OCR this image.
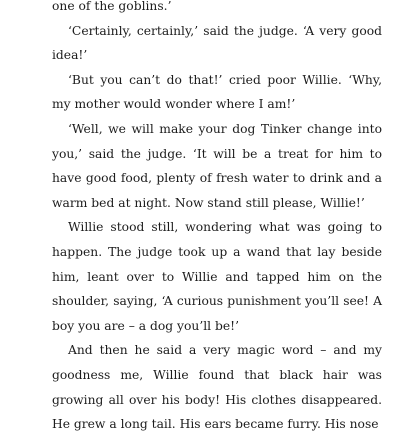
one of the goblins.’

‘Certainly, certainly,’ said the judge. ‘A very good idea!’

‘But you can’t do that!’ cried poor Willie. ‘Why, my mother would wonder where I am!’

‘Well, we will make your dog Tinker change into you,’ said the judge. ‘It will be a treat for him to have good food, plenty of fresh water to drink and a warm bed at night. Now stand still please, Willie!’

Willie stood still, wondering what was going to happen. The judge took up a wand that lay beside him, leant over to Willie and tapped him on the shoulder, saying, ‘A curious punishment you’ll see! A boy you are – a dog you’ll be!’

And then he said a very magic word – and my goodness me, Willie found that black hair was growing all over his body! His clothes disappeared. He grew a long tail. His ears became furry. His nose
